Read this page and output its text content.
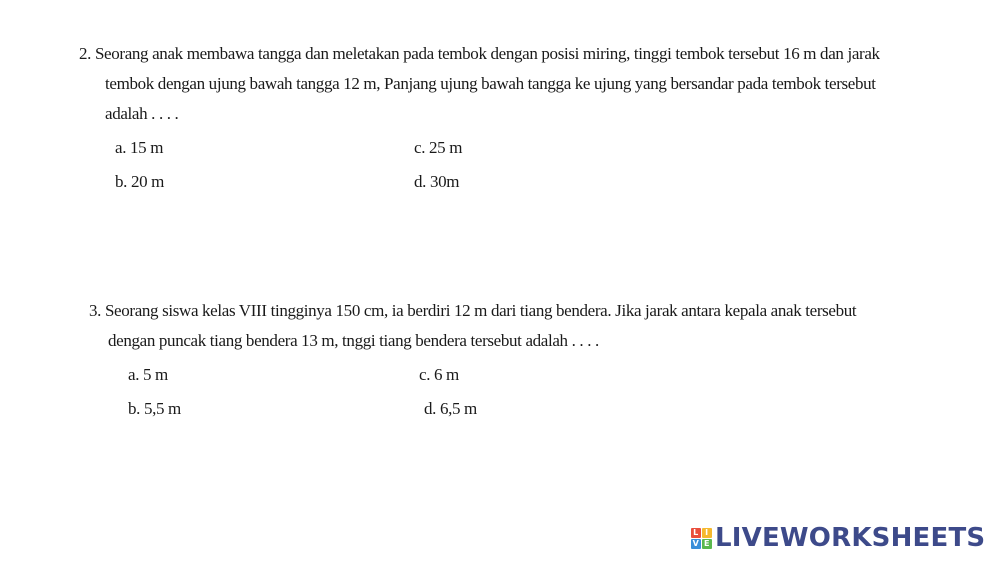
2. Seorang anak membawa tangga dan meletakan pada tembok dengan posisi miring, tinggi tembok tersebut 16 m dan jarak
tembok dengan ujung bawah tangga 12 m, Panjang ujung bawah tangga ke ujung yang bersandar pada tembok tersebut
adalah . . . .
a. 15 m	c. 25 m
b. 20 m	d. 30m
3. Seorang siswa kelas VIII tingginya 150 cm, ia berdiri 12 m dari tiang bendera. Jika jarak antara kepala anak tersebut
dengan puncak tiang bendera 13 m, tnggi tiang bendera tersebut adalah . . . .
a. 5 m	c. 6 m
b. 5,5 m	d. 6,5 m
L I
V E LIVEWORKSHEETS
